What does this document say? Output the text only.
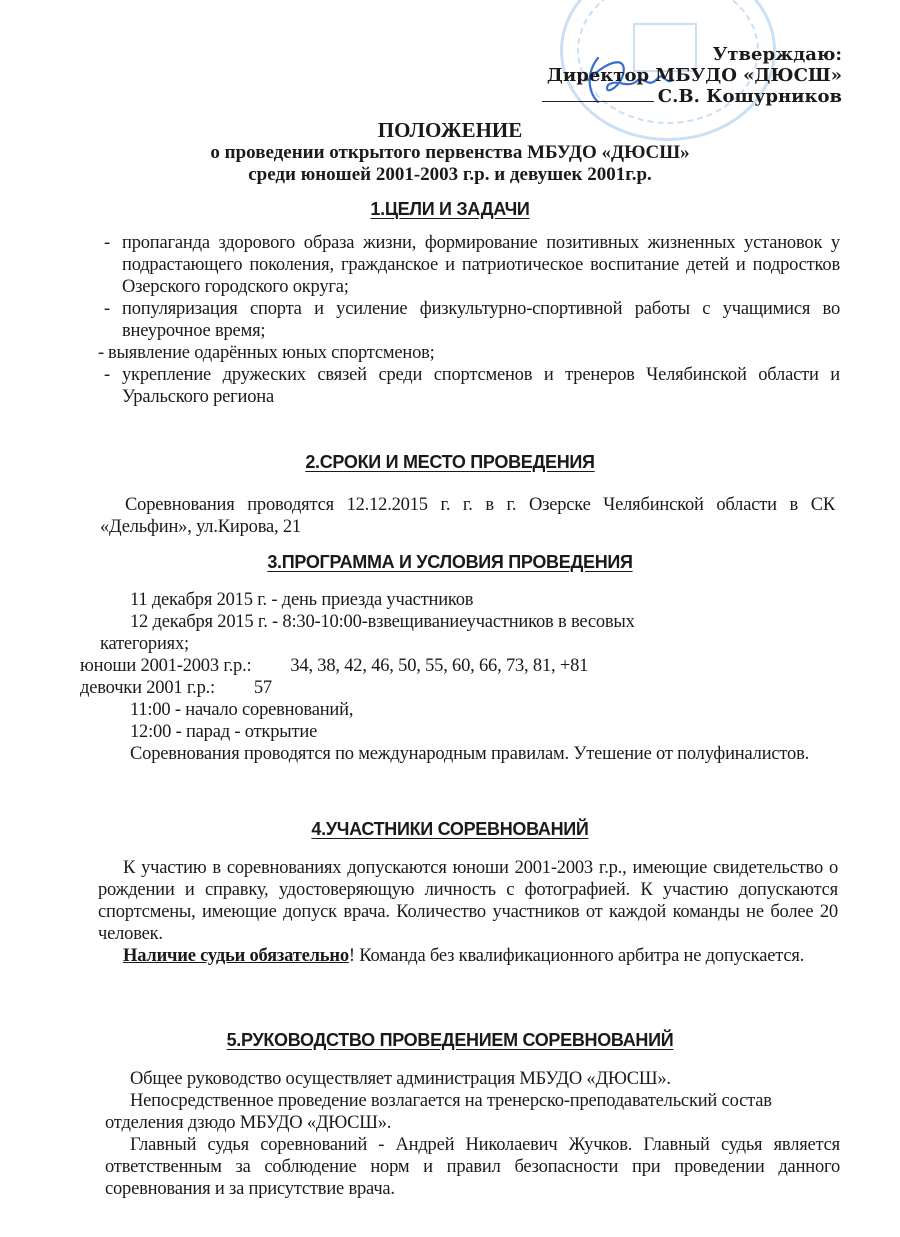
Утверждаю:
Директор МБУДО «ДЮСШ»
С.В. Кошурников
ПОЛОЖЕНИЕ
о проведении открытого первенства МБУДО «ДЮСШ»
среди юношей 2001-2003 г.р. и девушек 2001г.р.
1.ЦЕЛИ И ЗАДАЧИ

- пропаганда здорового образа жизни, формирование позитивных жизненных установок у подрастающего поколения, гражданское и патриотическое воспитание детей и подростков Озерского городского округа;

- популяризация спорта и усиление физкультурно-спортивной работы с учащимися во внеурочное время;

- выявление одарённых юных спортсменов;

- укрепление дружеских связей среди спортсменов и тренеров Челябинской области и Уральского региона

2.СРОКИ И МЕСТО ПРОВЕДЕНИЯ

Соревнования проводятся 12.12.2015 г. г. в г. Озерске Челябинской области в СК «Дельфин», ул.Кирова, 21

3.ПРОГРАММА И УСЛОВИЯ ПРОВЕДЕНИЯ

11 декабря 2015 г. - день приезда участников

12 декабря 2015 г. - 8:30-10:00-взвещиваниеучастников в весовых

категориях;

юноши 2001-2003 г.р.: 34, 38, 42, 46, 50, 55, 60, 66, 73, 81, +81

девочки 2001 г.р.: 57

11:00 - начало соревнований,

12:00 - парад - открытие

Соревнования проводятся по международным правилам. Утешение от полуфиналистов.

4.УЧАСТНИКИ СОРЕВНОВАНИЙ

К участию в соревнованиях допускаются юноши 2001-2003 г.р., имеющие свидетельство о рождении и справку, удостоверяющую личность с фотографией. К участию допускаются спортсмены, имеющие допуск врача. Количество участников от каждой команды не более 20 человек.

Наличие судьи обязательно! Команда без квалификационного арбитра не допускается.

5.РУКОВОДСТВО ПРОВЕДЕНИЕМ СОРЕВНОВАНИЙ

Общее руководство осуществляет администрация МБУДО «ДЮСШ».

Непосредственное проведение возлагается на тренерско-преподавательский состав отделения дзюдо МБУДО «ДЮСШ».

Главный судья соревнований - Андрей Николаевич Жучков. Главный судья является ответственным за соблюдение норм и правил безопасности при проведении данного соревнования и за присутствие врача.
